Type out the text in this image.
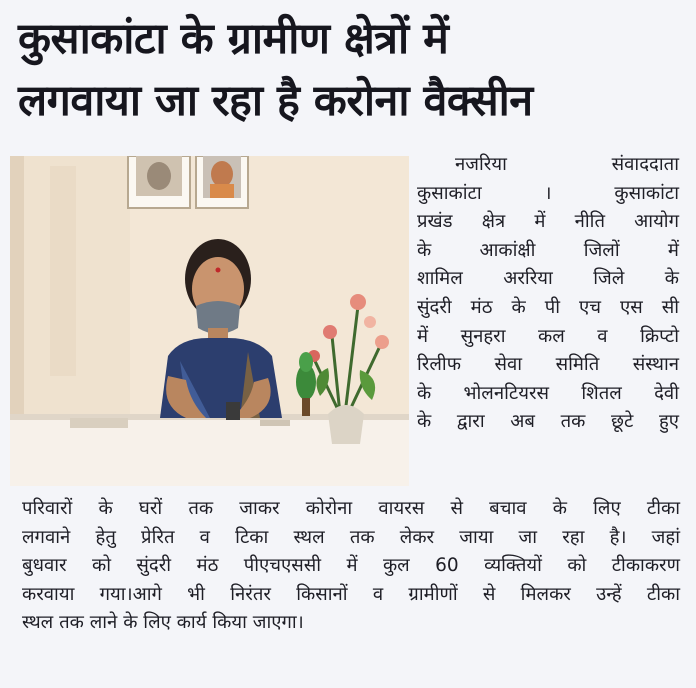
कुसाकांटा के ग्रामीण क्षेत्रों में
लगवाया जा रहा है करोना वैक्सीन
नजरिया	संवाददाता
कुसाकांटा । कुसाकांटा
प्रखंड क्षेत्र में नीति आयोग
के आकांक्षी जिलों में
शामिल अररिया जिले के
सुंदरी मंठ के पी एच एस सी
में सुनहरा कल व क्रिप्टो
रिलीफ सेवा समिति संस्थान
के भोलनटियरस शितल देवी
के द्वारा अब तक छूटे हुए
परिवारों के घरों तक जाकर कोरोना वायरस से बचाव के लिए टीका
लगवाने हेतु प्रेरित व टिका स्थल तक लेकर जाया जा रहा है। जहां
बुधवार को सुंदरी मंठ पीएचएससी में कुल 60 व्यक्तियों को टीकाकरण
करवाया गया।आगे भी निरंतर किसानों व ग्रामीणों से मिलकर उन्हें टीका
स्थल तक लाने के लिए कार्य किया जाएगा।
